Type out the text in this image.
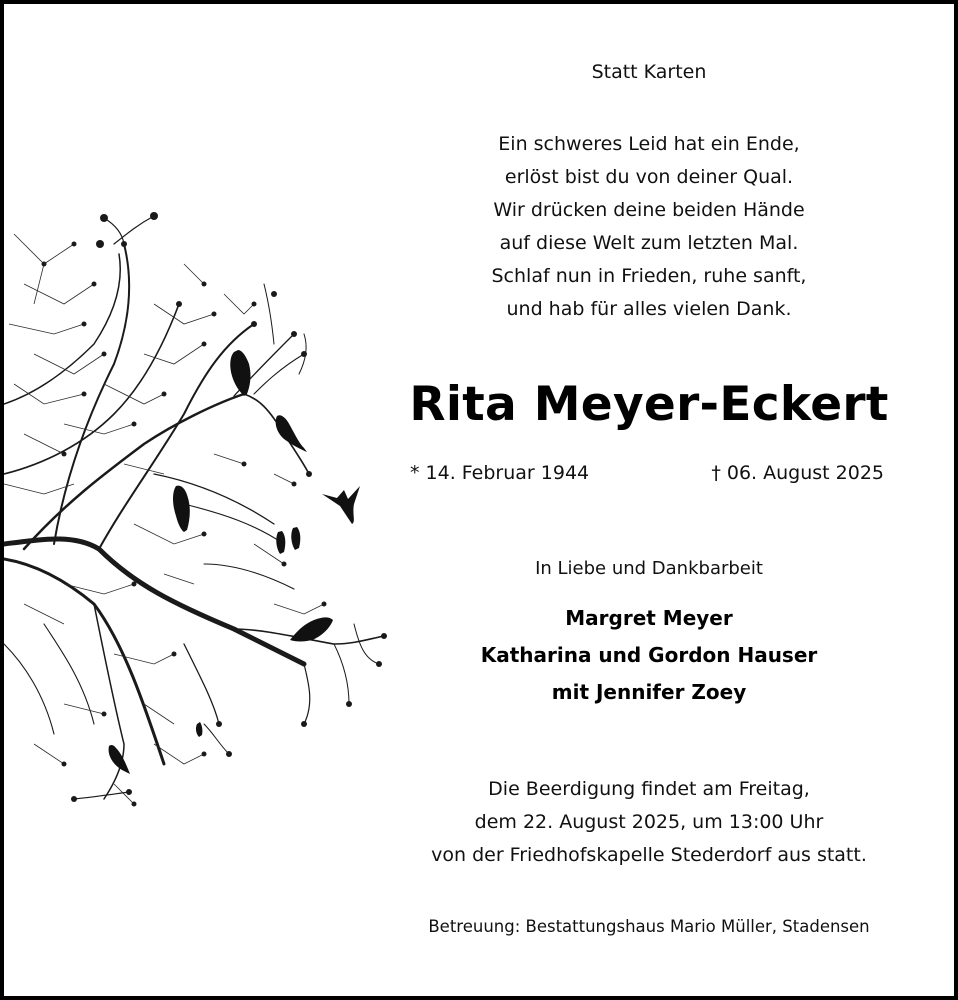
Statt Karten
Ein schweres Leid hat ein Ende,
erlöst bist du von deiner Qual.
Wir drücken deine beiden Hände
auf diese Welt zum letzten Mal.
Schlaf nun in Frieden, ruhe sanft,
und hab für alles vielen Dank.
Rita Meyer-Eckert
* 14. Februar 1944	† 06. August 2025
In Liebe und Dankbarbeit
Margret Meyer
Katharina und Gordon Hauser
mit Jennifer Zoey
Die Beerdigung findet am Freitag,
dem 22. August 2025, um 13:00 Uhr
von der Friedhofskapelle Stederdorf aus statt.
Betreuung: Bestattungshaus Mario Müller, Stadensen
